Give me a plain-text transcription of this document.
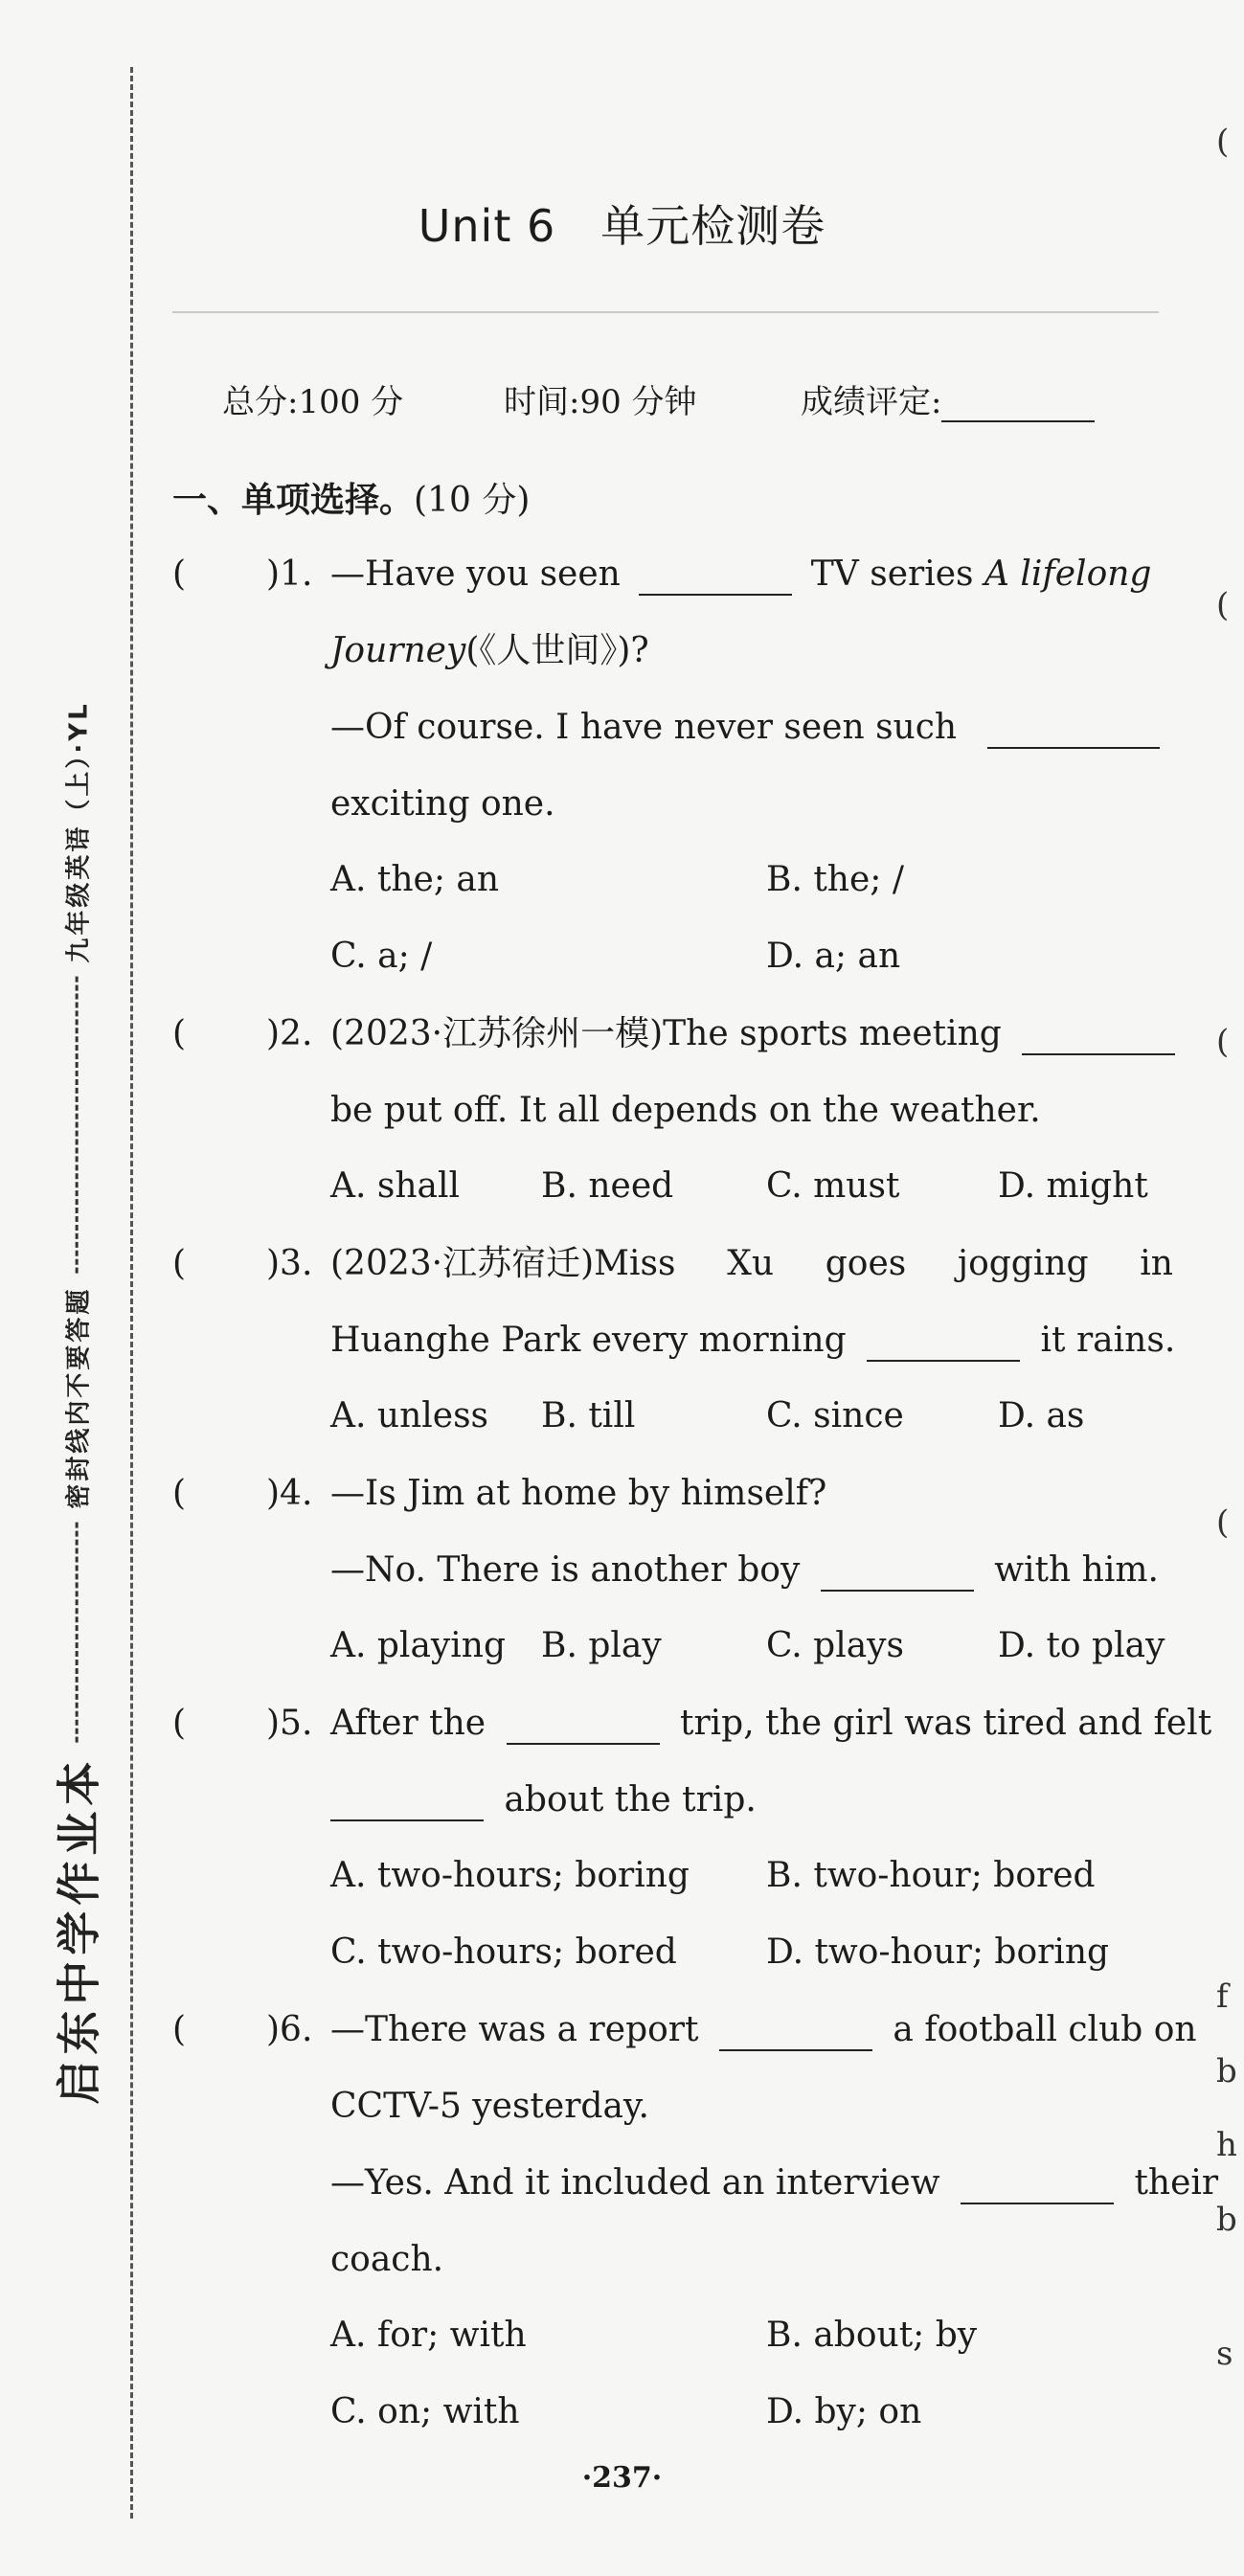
启东中学作业本
密封线内不要答题
九年级英语（上）·YL
(
(
(
(
f
b
h
b
s
Unit 6　单元检测卷
总分:100 分	时间:90 分钟	成绩评定:
一、单项选择。(10 分)
( )1. —Have you seen	TV series A lifelong
Journey(《人世间》)?
—Of course. I have never seen such
exciting one.
A. the; an	B. the; /
C. a; /	D. a; an
( )2. (2023·江苏徐州一模)The sports meeting
be put off. It all depends on the weather.
A. shall B. need	C. must	D. might
( )3. (2023·江苏宿迁)Miss Xu goes jogging in
Huanghe Park every morning	it rains.
A. unless B. till	C. since	D. as
( )4. —Is Jim at home by himself?
—No. There is another boy	with him.
A. playing B. play	C. plays	D. to play
( )5. After the	trip, the girl was tired and felt
about the trip.
A. two-hours; boring B. two-hour; bored
C. two-hours; bored	D. two-hour; boring
( )6. —There was a report	a football club on
CCTV-5 yesterday.
—Yes. And it included an interview	their
coach.
A. for; with	B. about; by
C. on; with	D. by; on
·237·
